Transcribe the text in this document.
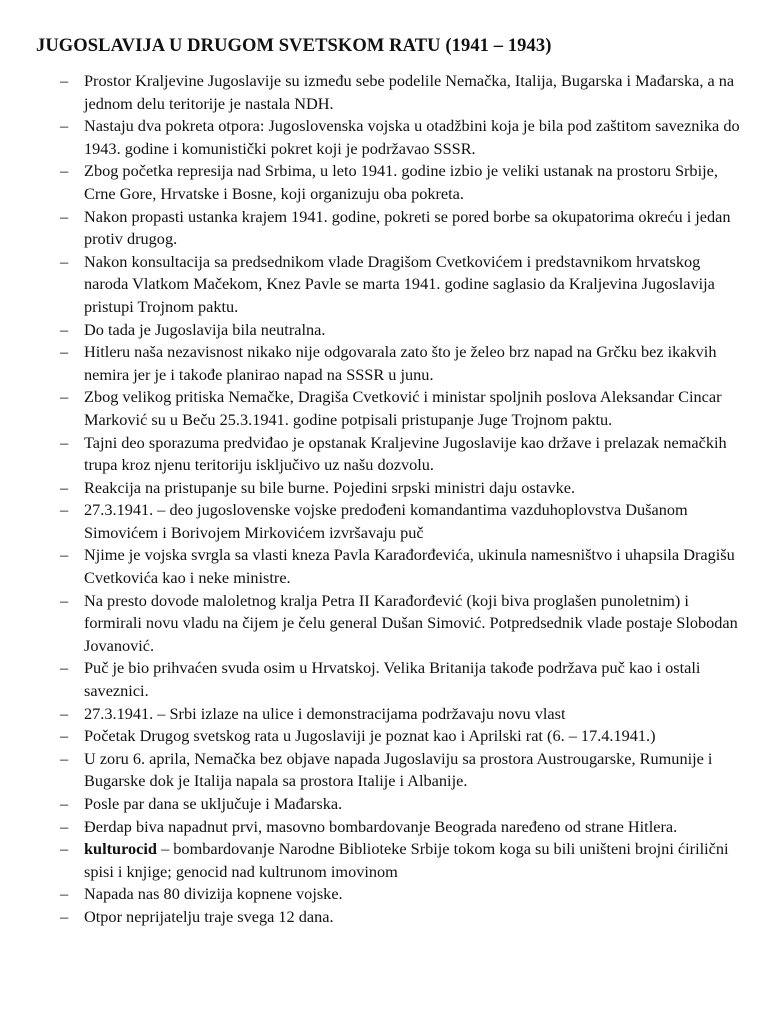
JUGOSLAVIJA U DRUGOM SVETSKOM RATU (1941 – 1943)
– Prostor Kraljevine Jugoslavije su između sebe podelile Nemačka, Italija, Bugarska i Mađarska, a na jednom delu teritorije je nastala NDH.
– Nastaju dva pokreta otpora: Jugoslovenska vojska u otadžbini koja je bila pod zaštitom saveznika do 1943. godine i komunistički pokret koji je podržavao SSSR.
– Zbog početka represija nad Srbima, u leto 1941. godine izbio je veliki ustanak na prostoru Srbije, Crne Gore, Hrvatske i Bosne, koji organizuju oba pokreta.
– Nakon propasti ustanka krajem 1941. godine, pokreti se pored borbe sa okupatorima okreću i jedan protiv drugog.
– Nakon konsultacija sa predsednikom vlade Dragišom Cvetkovićem i predstavnikom hrvatskog naroda Vlatkom Mačekom, Knez Pavle se marta 1941. godine saglasio da Kraljevina Jugoslavija pristupi Trojnom paktu.
– Do tada je Jugoslavija bila neutralna.
– Hitleru naša nezavisnost nikako nije odgovarala zato što je želeo brz napad na Grčku bez ikakvih nemira jer je i takođe planirao napad na SSSR u junu.
– Zbog velikog pritiska Nemačke, Dragiša Cvetković i ministar spoljnih poslova Aleksandar Cincar Marković su u Beču 25.3.1941. godine potpisali pristupanje Juge Trojnom paktu.
– Tajni deo sporazuma predviđao je opstanak Kraljevine Jugoslavije kao države i prelazak nemačkih trupa kroz njenu teritoriju isključivo uz našu dozvolu.
– Reakcija na pristupanje su bile burne. Pojedini srpski ministri daju ostavke.
– 27.3.1941. – deo jugoslovenske vojske predođeni komandantima vazduhoplovstva Dušanom Simovićem i Borivojem Mirkovićem izvršavaju puč
– Njime je vojska svrgla sa vlasti kneza Pavla Karađorđevića, ukinula namesništvo i uhapsila Dragišu Cvetkovića kao i neke ministre.
– Na presto dovode maloletnog kralja Petra II Karađorđević (koji biva proglašen punoletnim) i formirali novu vladu na čijem je čelu general Dušan Simović. Potpredsednik vlade postaje Slobodan Jovanović.
– Puč je bio prihvaćen svuda osim u Hrvatskoj. Velika Britanija takođe podržava puč kao i ostali saveznici.
– 27.3.1941. – Srbi izlaze na ulice i demonstracijama podržavaju novu vlast
– Početak Drugog svetskog rata u Jugoslaviji je poznat kao i Aprilski rat (6. – 17.4.1941.)
– U zoru 6. aprila, Nemačka bez objave napada Jugoslaviju sa prostora Austrougarske, Rumunije i Bugarske dok je Italija napala sa prostora Italije i Albanije.
– Posle par dana se uključuje i Mađarska.
– Đerdap biva napadnut prvi, masovno bombardovanje Beograda naređeno od strane Hitlera.
– kulturocid – bombardovanje Narodne Biblioteke Srbije tokom koga su bili uništeni brojni ćirilični spisi i knjige; genocid nad kultrunom imovinom
– Napada nas 80 divizija kopnene vojske.
– Otpor neprijatelju traje svega 12 dana.
